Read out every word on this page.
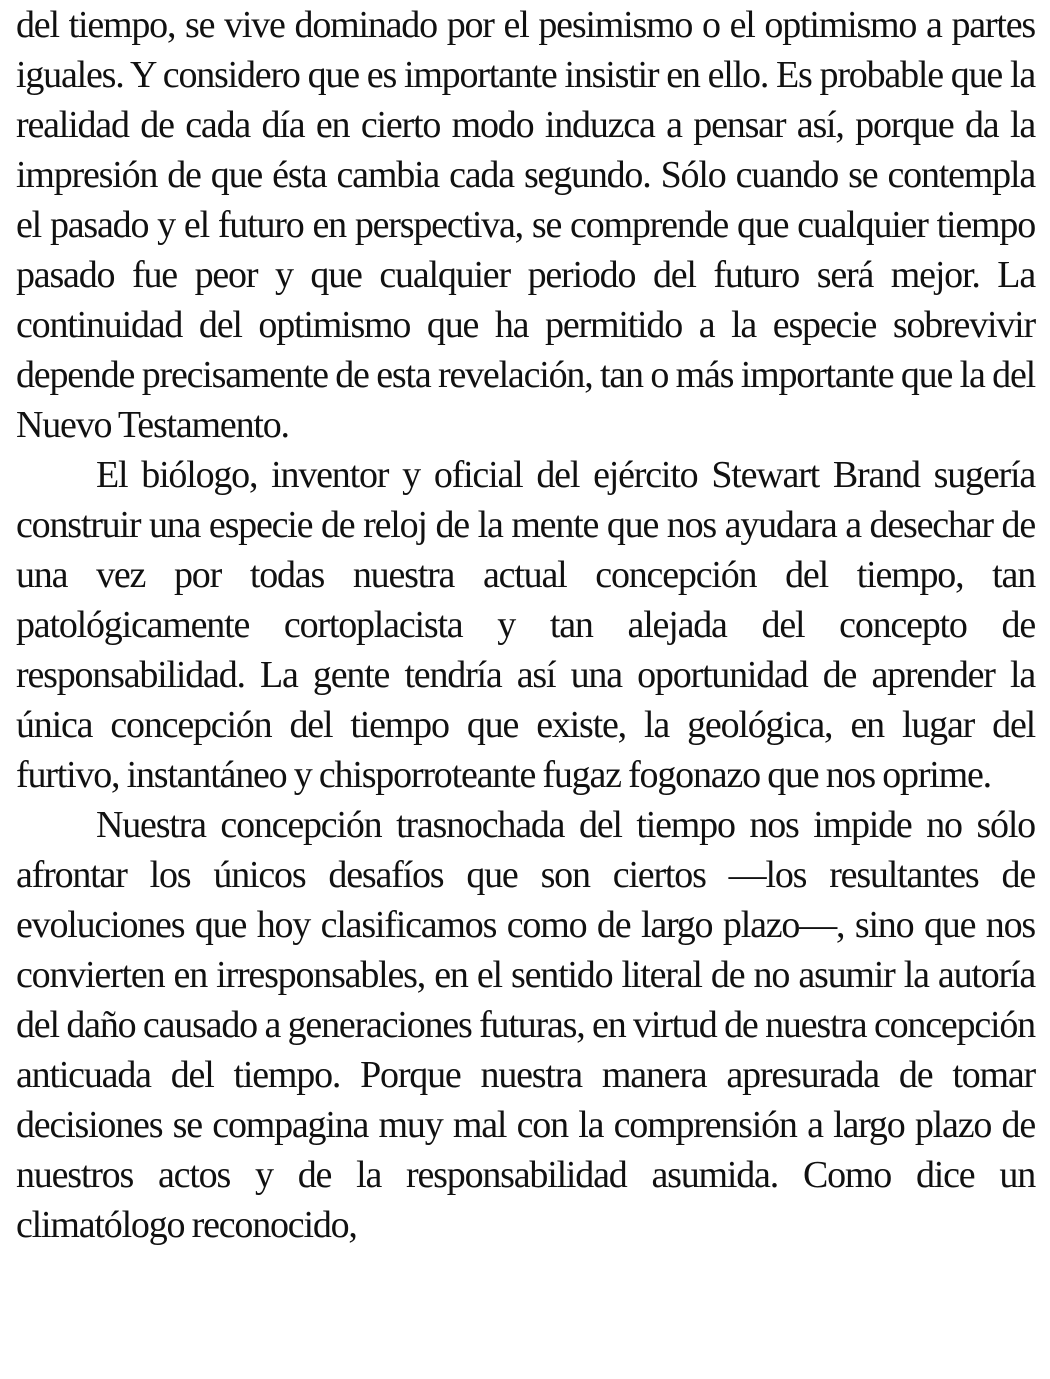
del tiempo, se vive dominado por el pesimismo o el optimismo a partes iguales. Y considero que es importante insistir en ello. Es probable que la realidad de cada día en cierto modo induzca a pensar así, porque da la impresión de que ésta cambia cada segundo. Sólo cuando se contempla el pasado y el futuro en perspectiva, se comprende que cualquier tiempo pasado fue peor y que cualquier periodo del futuro será mejor. La continuidad del optimismo que ha permitido a la especie sobrevivir depende precisamente de esta revelación, tan o más importante que la del Nuevo Testamento.

El biólogo, inventor y oficial del ejército Stewart Brand sugería construir una especie de reloj de la mente que nos ayudara a desechar de una vez por todas nuestra actual concepción del tiempo, tan patológicamente cortoplacista y tan alejada del concepto de responsabilidad. La gente tendría así una oportunidad de aprender la única concepción del tiempo que existe, la geológica, en lugar del furtivo, instantáneo y chisporroteante fugaz fogonazo que nos oprime.

Nuestra concepción trasnochada del tiempo nos impide no sólo afrontar los únicos desafíos que son ciertos —los resultantes de evoluciones que hoy clasificamos como de largo plazo—, sino que nos convierten en irresponsables, en el sentido literal de no asumir la autoría del daño causado a generaciones futuras, en virtud de nuestra concepción anticuada del tiempo. Porque nuestra manera apresurada de tomar decisiones se compagina muy mal con la comprensión a largo plazo de nuestros actos y de la responsabilidad asumida. Como dice un climatólogo reconocido,
